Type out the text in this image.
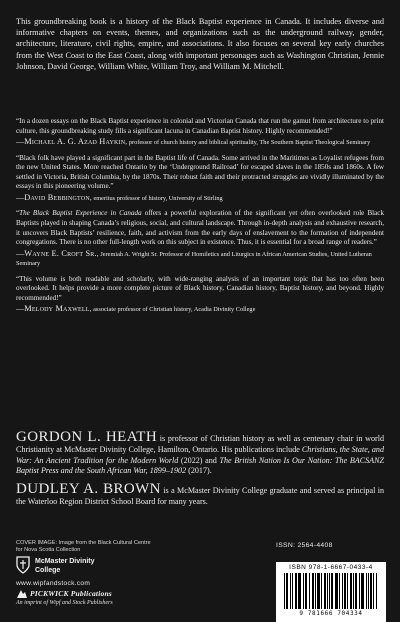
This groundbreaking book is a history of the Black Baptist experience in Canada. It includes diverse and informative chapters on events, themes, and organizations such as the underground railway, gender, architecture, literature, civil rights, empire, and associations. It also focuses on several key early churches from the West Coast to the East Coast, along with important personages such as Washington Christian, Jennie Johnson, David George, William White, William Troy, and William M. Mitchell.

“In a dozen essays on the Black Baptist experience in colonial and Victorian Canada that run the gamut from architecture to print culture, this groundbreaking study fills a significant lacuna in Canadian Baptist history. Highly recommended!”

—Michael A. G. Azad Haykin, professor of church history and biblical spirituality, The Southern Baptist Theological Seminary

“Black folk have played a significant part in the Baptist life of Canada. Some arrived in the Maritimes as Loyalist refugees from the new United States. More reached Ontario by the ‘Underground Railroad’ for escaped slaves in the 1850s and 1860s. A few settled in Victoria, British Columbia, by the 1870s. Their robust faith and their protracted struggles are vividly illuminated by the essays in this pioneering volume.”

—David Bebbington, emeritus professor of history, University of Stirling

“The Black Baptist Experience in Canada offers a powerful exploration of the significant yet often overlooked role Black Baptists played in shaping Canada’s religious, social, and cultural landscape. Through in-depth analysis and exhaustive research, it uncovers Black Baptists’ resilience, faith, and activism from the early days of enslavement to the formation of independent congregations. There is no other full-length work on this subject in existence. Thus, it is essential for a broad range of readers.”

—Wayne E. Croft Sr., Jeremiah A. Wright Sr. Professor of Homiletics and Liturgics in African American Studies, United Lutheran Seminary

“This volume is both readable and scholarly, with wide-ranging analysis of an important topic that has too often been overlooked. It helps provide a more complete picture of Black history, Canadian history, Baptist history, and beyond. Highly recommended!”

—Melody Maxwell, associate professor of Christian history, Acadia Divinity College

GORDON L. HEATH is professor of Christian history as well as centenary chair in world Christianity at McMaster Divinity College, Hamilton, Ontario. His publications include Christians, the State, and War: An Ancient Tradition for the Modern World (2022) and The British Nation Is Our Nation: The BACSANZ Baptist Press and the South African War, 1899–1902 (2017).

DUDLEY A. BROWN is a McMaster Divinity College graduate and served as principal in the Waterloo Region District School Board for many years.

COVER IMAGE: Image from the Black Cultural Centre for Nova Scotia Collection

McMaster Divinity
College
www.wipfandstock.com
PICKWICK Publications
An imprint of Wipf and Stock Publishers
ISSN: 2564-4408
ISBN 978-1-6667-0433-4
9 781666 704334
